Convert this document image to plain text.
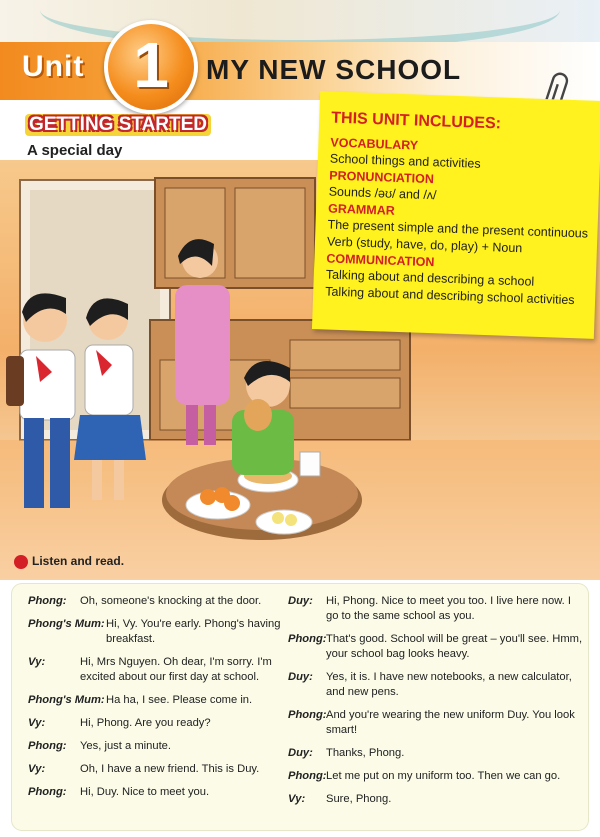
Unit 1	MY NEW SCHOOL
GETTING STARTED
A special day
THIS UNIT INCLUDES:
VOCABULARY
School things and activities
PRONUNCIATION
Sounds /əʊ/ and /ʌ/
GRAMMAR
The present simple and the present continuous
Verb (study, have, do, play) + Noun
COMMUNICATION
Talking about and describing a school
Talking about and describing school activities
Listen and read.
Phong:	Oh, someone's knocking at the door.
Phong's Mum: Hi, Vy. You're early. Phong's having breakfast.
Vy:	Hi, Mrs Nguyen. Oh dear, I'm sorry. I'm excited about our first day at school.
Phong's Mum: Ha ha, I see. Please come in.
Vy:	Hi, Phong. Are you ready?
Phong:	Yes, just a minute.
Vy:	Oh, I have a new friend. This is Duy.
Phong:	Hi, Duy. Nice to meet you.
Duy:	Hi, Phong. Nice to meet you too. I live here now. I go to the same school as you.
Phong: That's good. School will be great – you'll see. Hmm, your school bag looks heavy.
Duy:	Yes, it is. I have new notebooks, a new calculator, and new pens.
Phong: And you're wearing the new uniform Duy. You look smart!
Duy:	Thanks, Phong.
Phong: Let me put on my uniform too. Then we can go.
Vy:	Sure, Phong.
